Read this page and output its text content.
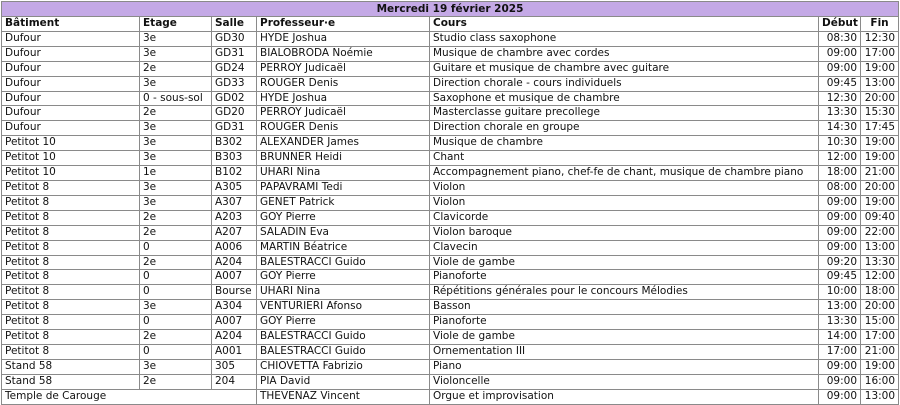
Mercredi 19 février 2025						
Bâtiment	Etage	Salle	Professeur·e	Cours	Début	Fin
Dufour	3e	GD30	HYDE Joshua	Studio class saxophone	08:30	12:30
Dufour	3e	GD31	BIALOBRODA Noémie	Musique de chambre avec cordes	09:00	17:00
Dufour	2e	GD24	PERROY Judicaël	Guitare et musique de chambre avec guitare	09:00	19:00
Dufour	3e	GD33	ROUGER Denis	Direction chorale - cours individuels	09:45	13:00
Dufour	0 - sous-sol	GD02	HYDE Joshua	Saxophone et musique de chambre	12:30	20:00
Dufour	2e	GD20	PERROY Judicaël	Masterclasse guitare precollege	13:30	15:30
Dufour	3e	GD31	ROUGER Denis	Direction chorale en groupe	14:30	17:45
Petitot 10	3e	B302	ALEXANDER James	Musique de chambre	10:30	19:00
Petitot 10	3e	B303	BRUNNER Heidi	Chant	12:00	19:00
Petitot 10	1e	B102	UHARI Nina	Accompagnement piano, chef-fe de chant, musique de chambre piano	18:00	21:00
Petitot 8	3e	A305	PAPAVRAMI Tedi	Violon	08:00	20:00
Petitot 8	3e	A307	GENET Patrick	Violon	09:00	19:00
Petitot 8	2e	A203	GOY Pierre	Clavicorde	09:00	09:40
Petitot 8	2e	A207	SALADIN Eva	Violon baroque	09:00	22:00
Petitot 8	0	A006	MARTIN Béatrice	Clavecin	09:00	13:00
Petitot 8	2e	A204	BALESTRACCI Guido	Viole de gambe	09:20	13:30
Petitot 8	0	A007	GOY Pierre	Pianoforte	09:45	12:00
Petitot 8	0	Bourse	UHARI Nina	Répétitions générales pour le concours Mélodies	10:00	18:00
Petitot 8	3e	A304	VENTURIERI Afonso	Basson	13:00	20:00
Petitot 8	0	A007	GOY Pierre	Pianoforte	13:30	15:00
Petitot 8	2e	A204	BALESTRACCI Guido	Viole de gambe	14:00	17:00
Petitot 8	0	A001	BALESTRACCI Guido	Ornementation III	17:00	21:00
Stand 58	3e	305	CHIOVETTA Fabrizio	Piano	09:00	19:00
Stand 58	2e	204	PIA David	Violoncelle	09:00	16:00
Temple de Carouge			THEVENAZ Vincent	Orgue et improvisation	09:00	13:00
